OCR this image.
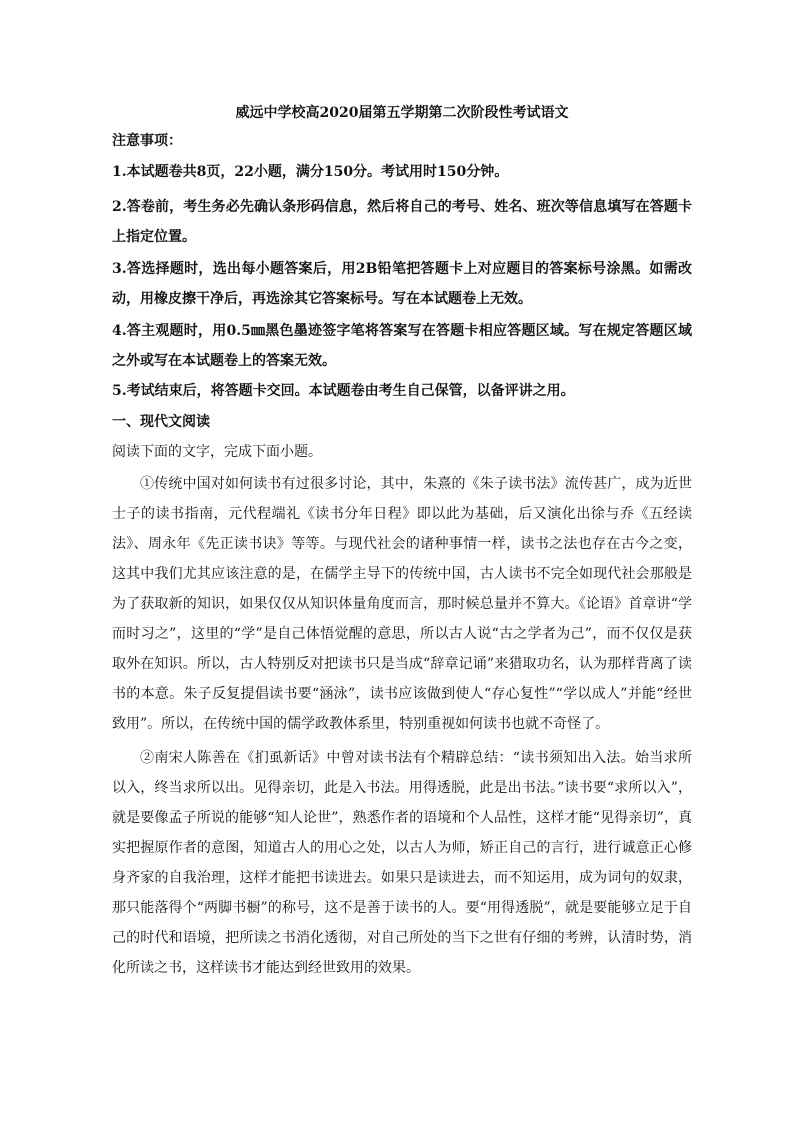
威远中学校高2020届第五学期第二次阶段性考试语文
注意事项：
1.本试题卷共8页，22小题，满分150分。考试用时150分钟。
2.答卷前，考生务必先确认条形码信息，然后将自己的考号、姓名、班次等信息填写在答题卡上指定位置。
3.答选择题时，选出每小题答案后，用2B铅笔把答题卡上对应题目的答案标号涂黑。如需改动，用橡皮擦干净后，再选涂其它答案标号。写在本试题卷上无效。
4.答主观题时，用0.5㎜黑色墨迹签字笔将答案写在答题卡相应答题区域。写在规定答题区域之外或写在本试题卷上的答案无效。
5.考试结束后，将答题卡交回。本试题卷由考生自己保管，以备评讲之用。
一、现代文阅读
阅读下面的文字，完成下面小题。

①传统中国对如何读书有过很多讨论，其中，朱熹的《朱子读书法》流传甚广，成为近世士子的读书指南，元代程端礼《读书分年日程》即以此为基础，后又演化出徐与乔《五经读法》、周永年《先正读书诀》等等。与现代社会的诸种事情一样，读书之法也存在古今之变，这其中我们尤其应该注意的是，在儒学主导下的传统中国，古人读书不完全如现代社会那般是为了获取新的知识，如果仅仅从知识体量角度而言，那时候总量并不算大。《论语》首章讲“学而时习之”，这里的“学”是自己体悟觉醒的意思，所以古人说“古之学者为己”，而不仅仅是获取外在知识。所以，古人特别反对把读书只是当成“辞章记诵”来猎取功名，认为那样背离了读书的本意。朱子反复提倡读书要“涵泳”，读书应该做到使人“存心复性”“学以成人”并能“经世致用”。所以，在传统中国的儒学政教体系里，特别重视如何读书也就不奇怪了。

②南宋人陈善在《扪虱新话》中曾对读书法有个精辟总结：“读书须知出入法。始当求所以入，终当求所以出。见得亲切，此是入书法。用得透脱，此是出书法。”读书要“求所以入”，就是要像孟子所说的能够“知人论世”，熟悉作者的语境和个人品性，这样才能“见得亲切”，真实把握原作者的意图，知道古人的用心之处，以古人为师，矫正自己的言行，进行诚意正心修身齐家的自我治理，这样才能把书读进去。如果只是读进去，而不知运用，成为词句的奴隶，那只能落得个“两脚书橱”的称号，这不是善于读书的人。要“用得透脱”，就是要能够立足于自己的时代和语境，把所读之书消化透彻，对自己所处的当下之世有仔细的考辨，认清时势，消化所读之书，这样读书才能达到经世致用的效果。
